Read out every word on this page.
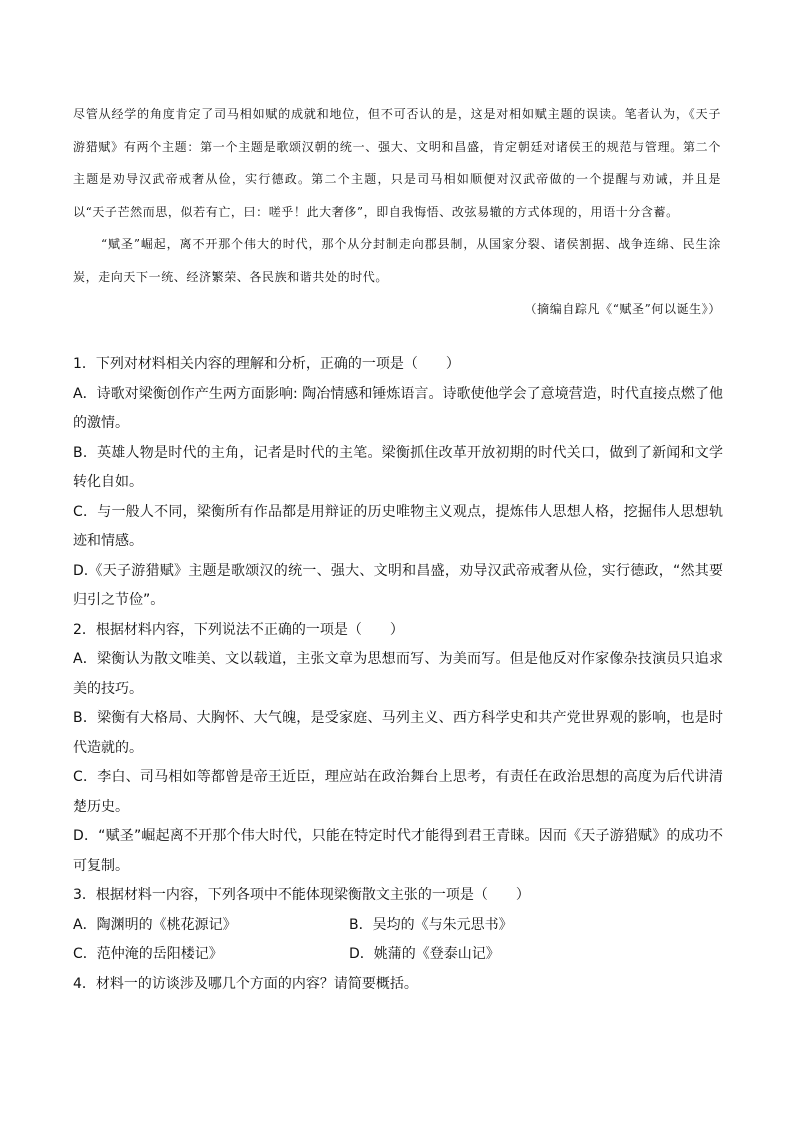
尽管从经学的角度肯定了司马相如赋的成就和地位，但不可否认的是，这是对相如赋主题的误读。笔者认为，《天子游猎赋》有两个主题：第一个主题是歌颂汉朝的统一、强大、文明和昌盛，肯定朝廷对诸侯王的规范与管理。第二个主题是劝导汉武帝戒奢从俭，实行德政。第二个主题，只是司马相如顺便对汉武帝做的一个提醒与劝诫，并且是以“天子芒然而思，似若有亡，曰：嗟乎！此大奢侈”，即自我悔悟、改弦易辙的方式体现的，用语十分含蓄。

“赋圣”崛起，离不开那个伟大的时代，那个从分封制走向郡县制，从国家分裂、诸侯割据、战争连绵、民生涂炭，走向天下一统、经济繁荣、各民族和谐共处的时代。

（摘编自踪凡《“赋圣”何以诞生》）

1．下列对材料相关内容的理解和分析，正确的一项是（　　）

A．诗歌对梁衡创作产生两方面影响: 陶冶情感和锤炼语言。诗歌使他学会了意境营造，时代直接点燃了他的激情。

B．英雄人物是时代的主角，记者是时代的主笔。梁衡抓住改革开放初期的时代关口，做到了新闻和文学转化自如。

C．与一般人不同，梁衡所有作品都是用辩证的历史唯物主义观点，提炼伟人思想人格，挖掘伟人思想轨迹和情感。

D.《天子游猎赋》主题是歌颂汉的统一、强大、文明和昌盛，劝导汉武帝戒奢从俭，实行德政，“然其要归引之节俭”。

2．根据材料内容，下列说法不正确的一项是（　　）

A．梁衡认为散文唯美、文以载道，主张文章为思想而写、为美而写。但是他反对作家像杂技演员只追求美的技巧。

B．梁衡有大格局、大胸怀、大气魄，是受家庭、马列主义、西方科学史和共产党世界观的影响，也是时代造就的。

C．李白、司马相如等都曾是帝王近臣，理应站在政治舞台上思考，有责任在政治思想的高度为后代讲清楚历史。

D．“赋圣”崛起离不开那个伟大时代，只能在特定时代才能得到君王青睐。因而《天子游猎赋》的成功不可复制。

3．根据材料一内容，下列各项中不能体现梁衡散文主张的一项是（　　）

A．陶渊明的《桃花源记》	B．吴均的《与朱元思书》
C．范仲淹的岳阳楼记》	D．姚蒲的《登泰山记》

4．材料一的访谈涉及哪几个方面的内容？请简要概括。
